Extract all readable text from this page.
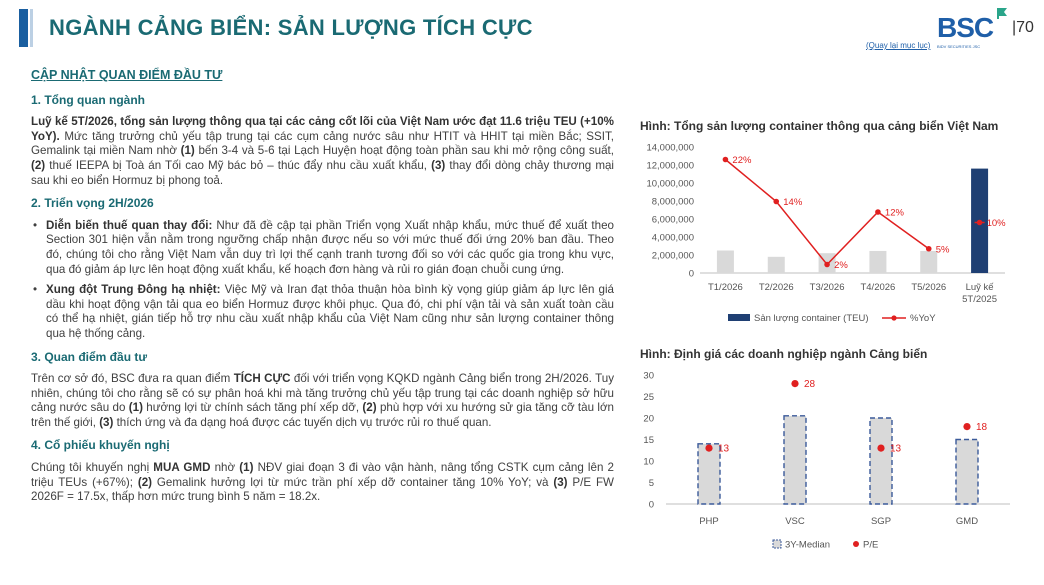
NGÀNH CẢNG BIỂN: SẢN LƯỢNG TÍCH CỰC	BSC
BIDV SECURITIES JSC
|70
(Quay lại mục lục)
CẬP NHẬT QUAN ĐIỂM ĐẦU TƯ
1. Tổng quan ngành
Luỹ kế 5T/2026, tổng sản lượng thông qua tại các cảng cốt lõi của Việt Nam ước đạt 11.6 triệu TEU (+10% YoY). Mức tăng trưởng chủ yếu tập trung tại các cụm cảng nước sâu như HTIT và HHIT tại miền Bắc; SSIT, Gemalink tại miền Nam nhờ (1) bến 3-4 và 5-6 tại Lạch Huyện hoạt động toàn phần sau khi mở rộng công suất, (2) thuế IEEPA bị Toà án Tối cao Mỹ bác bỏ – thúc đẩy nhu cầu xuất khẩu, (3) thay đổi dòng chảy thương mại sau khi eo biển Hormuz bị phong toả.
2. Triển vọng 2H/2026
• Diễn biến thuế quan thay đổi: Như đã đề cập tại phần Triển vọng Xuất nhập khẩu, mức thuế để xuất theo Section 301 hiện vẫn nằm trong ngưỡng chấp nhận được nếu so với mức thuế đối ứng 20% ban đầu. Theo đó, chúng tôi cho rằng Việt Nam vẫn duy trì lợi thế cạnh tranh tương đối so với các quốc gia trong khu vực, qua đó giảm áp lực lên hoạt động xuất khẩu, kế hoạch đơn hàng và rủi ro gián đoạn chuỗi cung ứng.
• Xung đột Trung Đông hạ nhiệt: Việc Mỹ và Iran đạt thỏa thuận hòa bình kỳ vọng giúp giảm áp lực lên giá dầu khi hoạt động vận tải qua eo biển Hormuz được khôi phục. Qua đó, chi phí vận tải và sản xuất toàn cầu có thể hạ nhiệt, gián tiếp hỗ trợ nhu cầu xuất nhập khẩu của Việt Nam cũng như sản lượng container thông qua hệ thống cảng.
3. Quan điểm đầu tư
Trên cơ sở đó, BSC đưa ra quan điểm TÍCH CỰC đối với triển vọng KQKD ngành Cảng biển trong 2H/2026. Tuy nhiên, chúng tôi cho rằng sẽ có sự phân hoá khi mà tăng trưởng chủ yếu tập trung tại các doanh nghiệp sở hữu cảng nước sâu do (1) hưởng lợi từ chính sách tăng phí xếp dỡ, (2) phù hợp với xu hướng sử gia tăng cỡ tàu lớn trên thế giới, (3) thích ứng và đa dạng hoá được các tuyến dịch vụ trước rủi ro thuế quan.
4. Cổ phiếu khuyến nghị
Chúng tôi khuyến nghị MUA GMD nhờ (1) NĐV giai đoạn 3 đi vào vận hành, nâng tổng CSTK cụm cảng lên 2 triệu TEUs (+67%); (2) Gemalink hưởng lợi từ mức trần phí xếp dỡ container tăng 10% YoY; và (3) P/E FW 2026F = 17.5x, thấp hơn mức trung bình 5 năm = 18.2x.
Hình: Tổng sản lượng container thông qua cảng biển Việt Nam
0
2,000,000
4,000,000
6,000,000
8,000,000
10,000,000
12,000,000
14,000,000
T1/2026 T2/2026 T3/2026 T4/2026 T5/2026 Luỹ kế
5T/2025
22%
14%
2%
12%
5%
10%
Sản lượng container (TEU)	%YoY
Hình: Định giá các doanh nghiệp ngành Cảng biển
0
5
10
15
20
25
30
PHP	VSC	SGP	GMD
13
28
13
18
3Y-Median	P/E
